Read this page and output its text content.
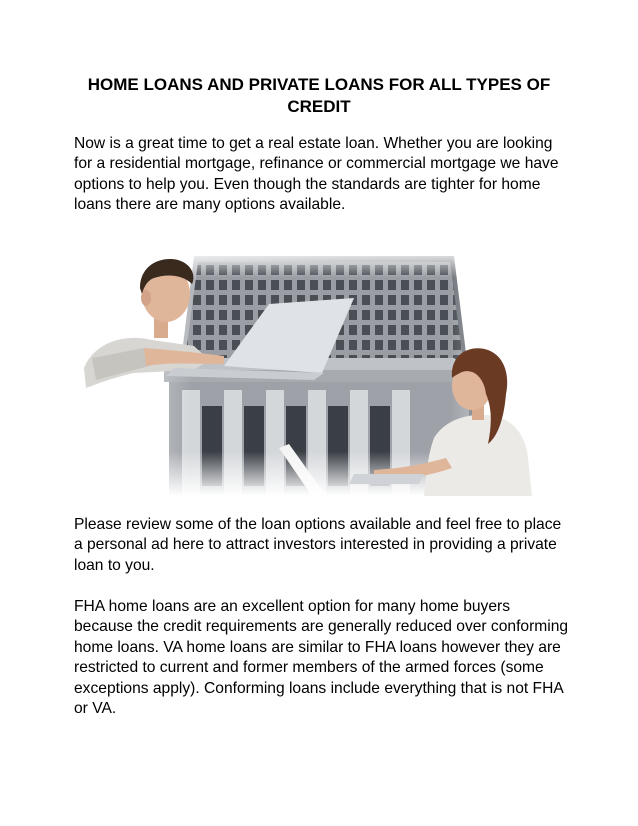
HOME LOANS AND PRIVATE LOANS FOR ALL TYPES OF CREDIT

Now is a great time to get a real estate loan. Whether you are looking for a residential mortgage, refinance or commercial mortgage we have options to help you. Even though the standards are tighter for home loans there are many options available.

Please review some of the loan options available and feel free to place a personal ad here to attract investors interested in providing a private loan to you.

FHA home loans are an excellent option for many home buyers because the credit requirements are generally reduced over conforming home loans. VA home loans are similar to FHA loans however they are restricted to current and former members of the armed forces (some exceptions apply). Conforming loans include everything that is not FHA or VA.
